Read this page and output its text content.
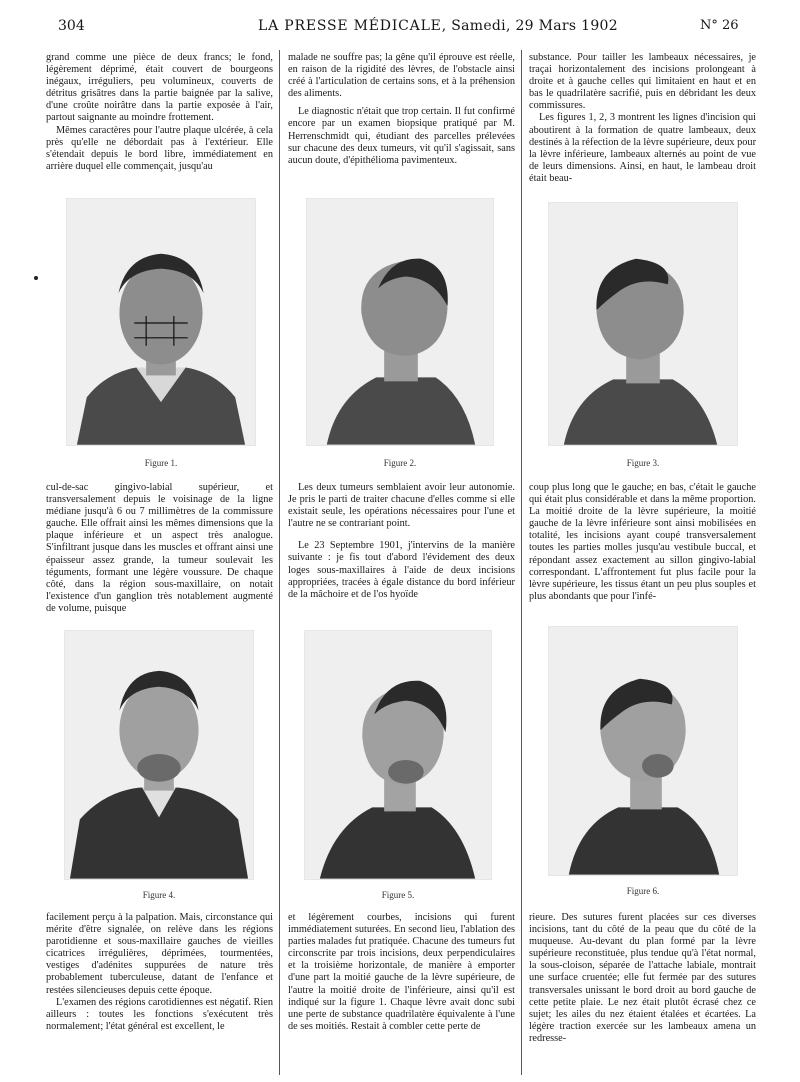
304	LA PRESSE MÉDICALE, Samedi, 29 Mars 1902	N° 26

grand comme une pièce de deux francs; le fond, légèrement déprimé, était couvert de bourgeons inégaux, irréguliers, peu volumineux, couverts de détritus grisâtres dans la partie baignée par la salive, d'une croûte noirâtre dans la partie exposée à l'air, partout saignante au moindre frottement.

Mêmes caractères pour l'autre plaque ulcérée, à cela près qu'elle ne débordait pas à l'extérieur. Elle s'étendait depuis le bord libre, immédiatement en arrière duquel elle commençait, jusqu'au

malade ne souffre pas; la gêne qu'il éprouve est réelle, en raison de la rigidité des lèvres, de l'obstacle ainsi créé à l'articulation de certains sons, et à la préhension des aliments.

Le diagnostic n'était que trop certain. Il fut confirmé encore par un examen biopsique pratiqué par M. Herrenschmidt qui, étudiant des parcelles prélevées sur chacune des deux tumeurs, vit qu'il s'agissait, sans aucun doute, d'épithélioma pavimenteux.

substance. Pour tailler les lambeaux nécessaires, je traçai horizontalement des incisions prolongeant à droite et à gauche celles qui limitaient en haut et en bas le quadrilatère sacrifié, puis en débridant les deux commissures.

Les figures 1, 2, 3 montrent les lignes d'incision qui aboutirent à la formation de quatre lambeaux, deux destinés à la réfection de la lèvre supérieure, deux pour la lèvre inférieure, lambeaux alternés au point de vue de leurs dimensions. Ainsi, en haut, le lambeau droit était beau-

Figure 1.	Figure 2.	Figure 3.

cul-de-sac gingivo-labial supérieur, et transversalement depuis le voisinage de la ligne médiane jusqu'à 6 ou 7 millimètres de la commissure gauche. Elle offrait ainsi les mêmes dimensions que la plaque inférieure et un aspect très analogue. S'infiltrant jusque dans les muscles et offrant ainsi une épaisseur assez grande, la tumeur soulevait les téguments, formant une légère voussure. De chaque côté, dans la région sous-maxillaire, on notait l'existence d'un ganglion très notablement augmenté de volume, puisque

Les deux tumeurs semblaient avoir leur autonomie. Je pris le parti de traiter chacune d'elles comme si elle existait seule, les opérations nécessaires pour l'une et l'autre ne se contrariant point.

Le 23 Septembre 1901, j'intervins de la manière suivante : je fis tout d'abord l'évidement des deux loges sous-maxillaires à l'aide de deux incisions appropriées, tracées à égale distance du bord inférieur de la mâchoire et de l'os hyoïde

coup plus long que le gauche; en bas, c'était le gauche qui était plus considérable et dans la même proportion. La moitié droite de la lèvre supérieure, la moitié gauche de la lèvre inférieure sont ainsi mobilisées en totalité, les incisions ayant coupé transversalement toutes les parties molles jusqu'au vestibule buccal, et répondant assez exactement au sillon gingivo-labial correspondant. L'affrontement fut plus facile pour la lèvre supérieure, les tissus étant un peu plus souples et plus abondants que pour l'infé-

Figure 4.	Figure 5.	Figure 6.

facilement perçu à la palpation. Mais, circonstance qui mérite d'être signalée, on relève dans les régions parotidienne et sous-maxillaire gauches de vieilles cicatrices irrégulières, déprimées, tourmentées, vestiges d'adénites suppurées de nature très probablement tuberculeuse, datant de l'enfance et restées silencieuses depuis cette époque.

L'examen des régions carotidiennes est négatif. Rien ailleurs : toutes les fonctions s'exécutent très normalement; l'état général est excellent, le

et légèrement courbes, incisions qui furent immédiatement suturées. En second lieu, l'ablation des parties malades fut pratiquée. Chacune des tumeurs fut circonscrite par trois incisions, deux perpendiculaires et la troisième horizontale, de manière à emporter d'une part la moitié gauche de la lèvre supérieure, de l'autre la moitié droite de l'inférieure, ainsi qu'il est indiqué sur la figure 1. Chaque lèvre avait donc subi une perte de substance quadrilatère équivalente à l'une de ses moitiés. Restait à combler cette perte de

rieure. Des sutures furent placées sur ces diverses incisions, tant du côté de la peau que du côté de la muqueuse. Au-devant du plan formé par la lèvre supérieure reconstituée, plus tendue qu'à l'état normal, la sous-cloison, séparée de l'attache labiale, montrait une surface cruentée; elle fut fermée par des sutures transversales unissant le bord droit au bord gauche de cette petite plaie. Le nez était plutôt écrasé chez ce sujet; les ailes du nez étaient étalées et écartées. La légère traction exercée sur les lambeaux amena un redresse-
